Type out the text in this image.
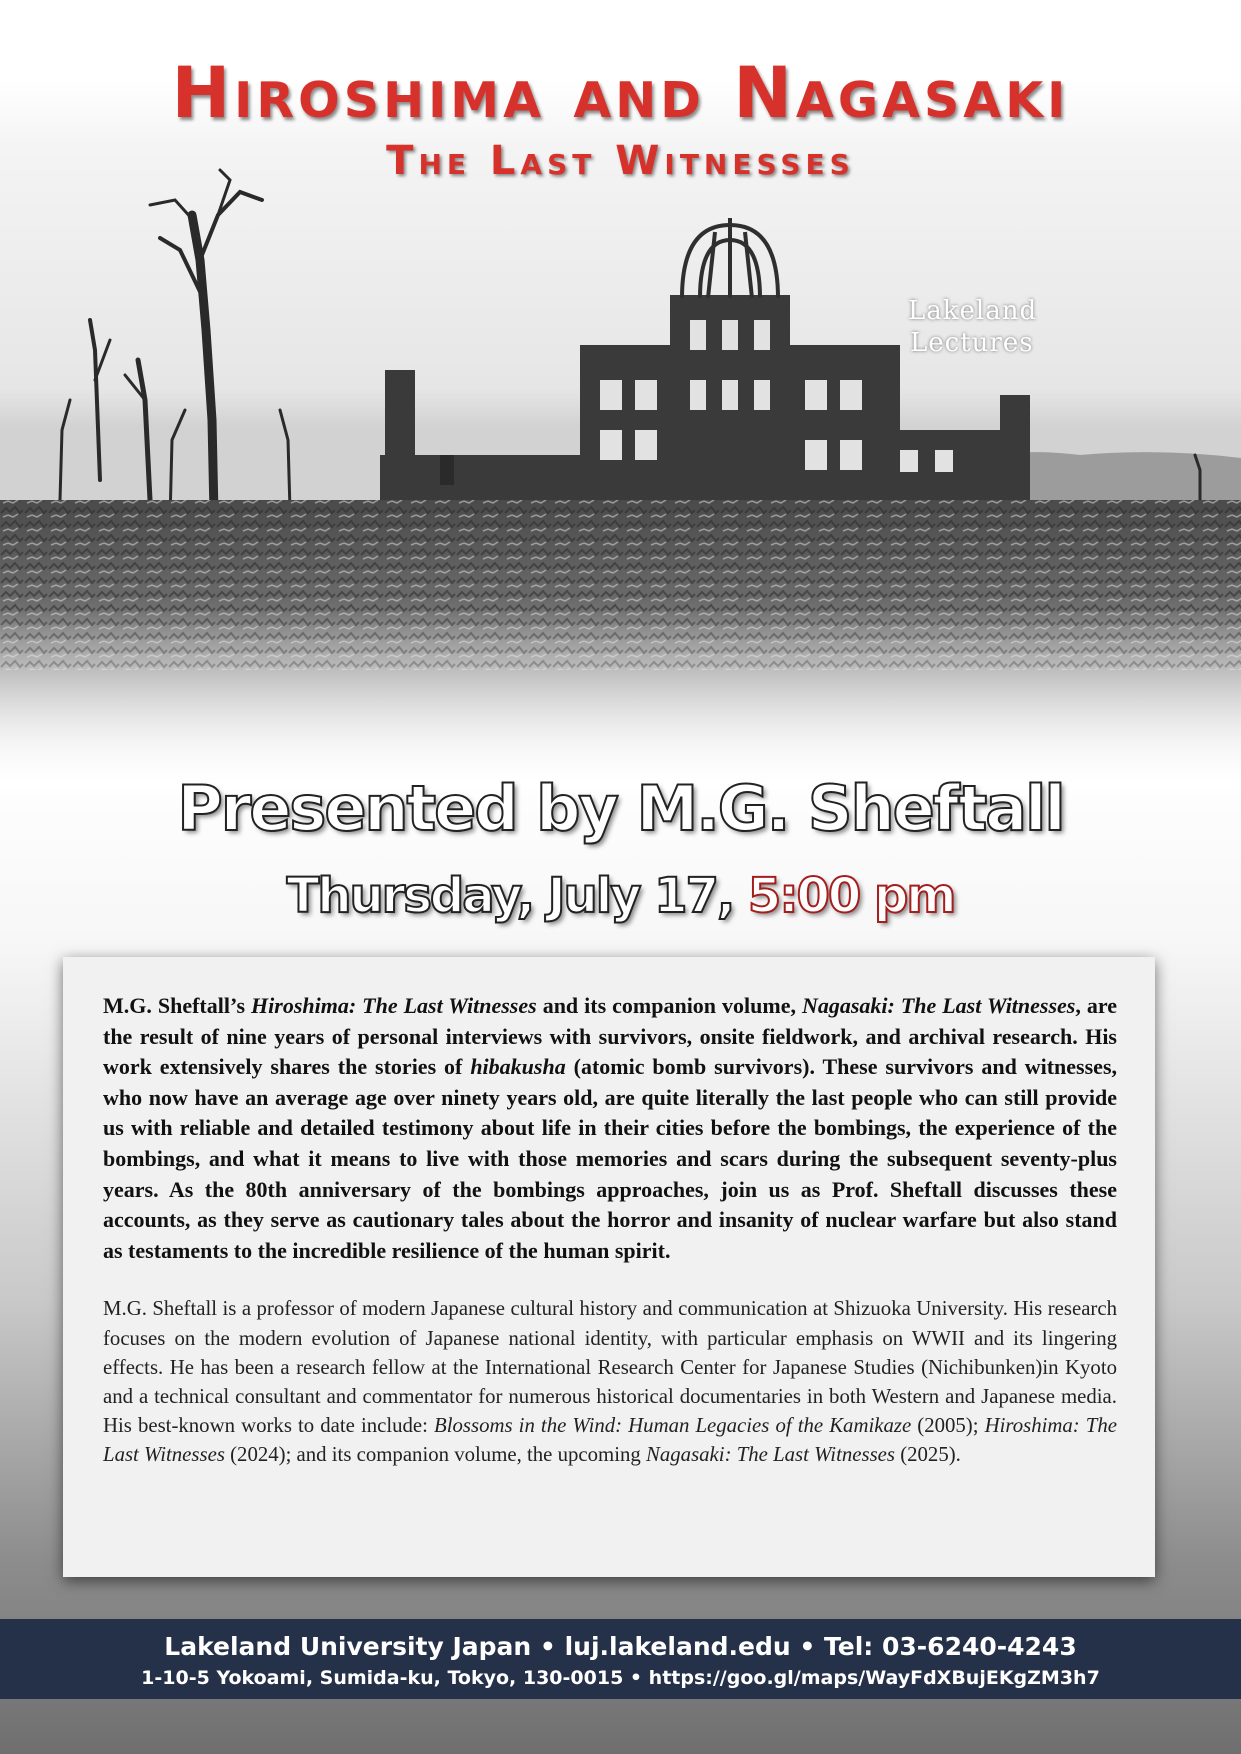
Hiroshima and Nagasaki
The Last Witnesses
Lakeland
Lectures
Presented by M.G. Sheftall
Thursday, July 17, 5:00 pm

M.G. Sheftall’s Hiroshima: The Last Witnesses and its companion volume, Nagasaki: The Last Witnesses, are the result of nine years of personal interviews with survivors, onsite fieldwork, and archival research. His work extensively shares the stories of hibakusha (atomic bomb survivors). These survivors and witnesses, who now have an average age over ninety years old, are quite literally the last people who can still provide us with reliable and detailed testimony about life in their cities before the bombings, the experience of the bombings, and what it means to live with those memories and scars during the subsequent seventy-plus years. As the 80th anniversary of the bombings approaches, join us as Prof. Sheftall discusses these accounts, as they serve as cautionary tales about the horror and insanity of nuclear warfare but also stand as testaments to the incredible resilience of the human spirit.

M.G. Sheftall is a professor of modern Japanese cultural history and communication at Shizuoka University. His research focuses on the modern evolution of Japanese national identity, with particular emphasis on WWII and its lingering effects. He has been a research fellow at the International Research Center for Japanese Studies (Nichibunken)in Kyoto and a technical consultant and commentator for numerous historical documentaries in both Western and Japanese media. His best-known works to date include: Blossoms in the Wind: Human Legacies of the Kamikaze (2005); Hiroshima: The Last Witnesses (2024); and its companion volume, the upcoming Nagasaki: The Last Witnesses (2025).

Lakeland University Japan • luj.lakeland.edu • Tel: 03-6240-4243
1-10-5 Yokoami, Sumida-ku, Tokyo, 130-0015 • https://goo.gl/maps/WayFdXBujEKgZM3h7
